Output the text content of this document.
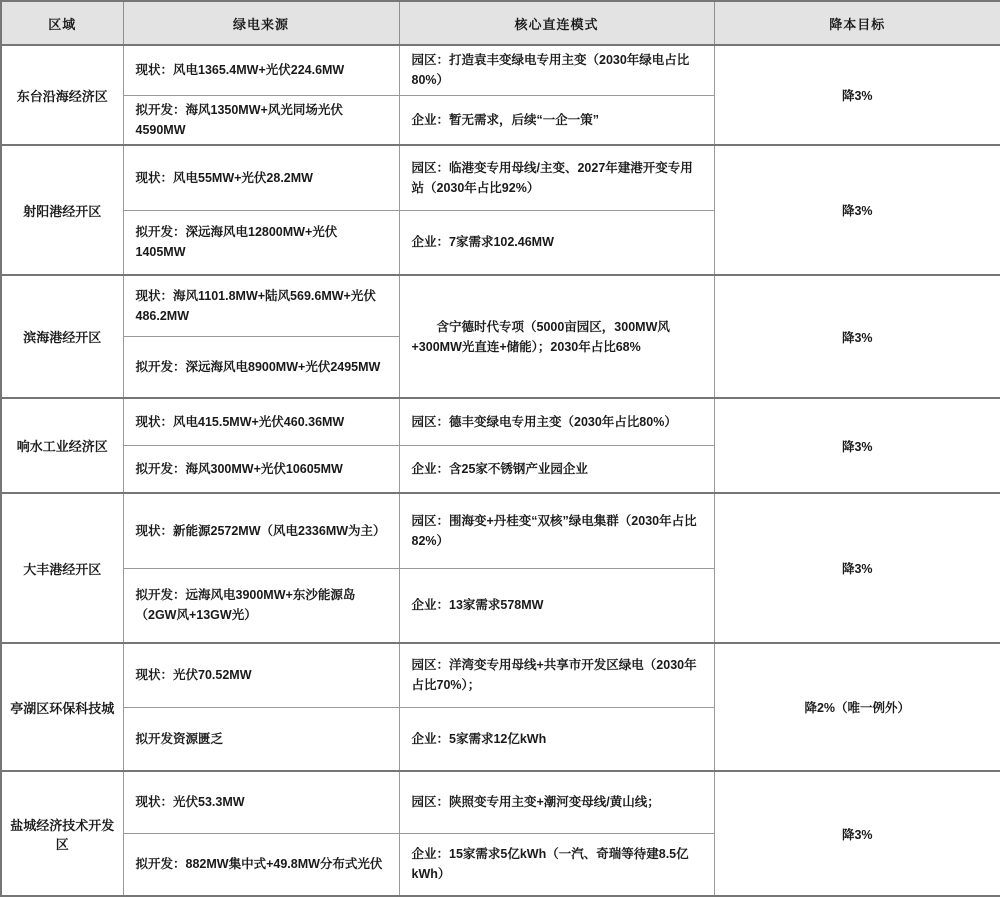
区域	绿电来源	核心直连模式	降本目标
东台沿海经济区	现状：风电1365.4MW+光伏224.6MW	园区：打造袁丰变绿电专用主变（2030年绿电占比80%）	降3%
	拟开发：海风1350MW+风光同场光伏4590MW	企业：暂无需求，后续“一企一策”	
射阳港经开区	现状：风电55MW+光伏28.2MW	园区：临港变专用母线/主变、2027年建港开变专用站（2030年占比92%）	降3%
	拟开发：深远海风电12800MW+光伏1405MW	企业：7家需求102.46MW	
滨海港经开区	现状：海风1101.8MW+陆风569.6MW+光伏486.2MW	含宁德时代专项（5000亩园区，300MW风+300MW光直连+储能）；2030年占比68%	降3%
	拟开发：深远海风电8900MW+光伏2495MW		
响水工业经济区	现状：风电415.5MW+光伏460.36MW	园区：德丰变绿电专用主变（2030年占比80%）	降3%
	拟开发：海风300MW+光伏10605MW	企业：含25家不锈钢产业园企业	
大丰港经开区	现状：新能源2572MW（风电2336MW为主）	园区：围海变+丹桂变“双核”绿电集群（2030年占比82%）	降3%
	拟开发：远海风电3900MW+东沙能源岛（2GW风+13GW光）	企业：13家需求578MW	
亭湖区环保科技城	现状：光伏70.52MW	园区：洋湾变专用母线+共享市开发区绿电（2030年占比70%）；	降2%（唯一例外）
	拟开发资源匮乏	企业：5家需求12亿kWh	
盐城经济技术开发区	现状：光伏53.3MW	园区：陕照变专用主变+潮河变母线/黄山线；	降3%
	拟开发：882MW集中式+49.8MW分布式光伏	企业：15家需求5亿kWh（一汽、奇瑞等待建8.5亿kWh）	
